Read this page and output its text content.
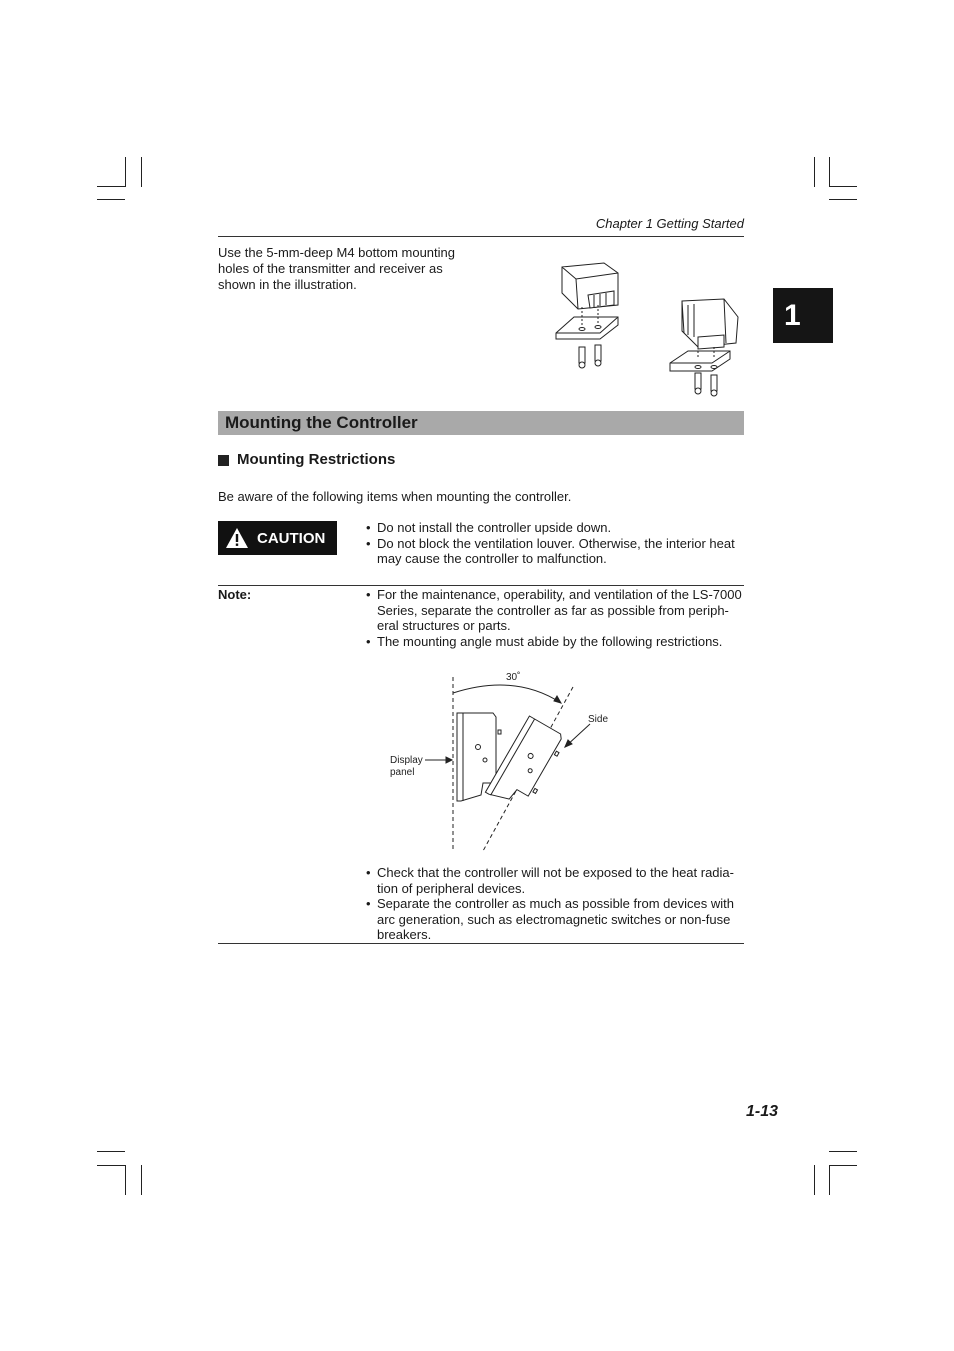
Chapter 1 Getting Started
1
Use the 5-mm-deep M4 bottom mounting holes of the transmitter and receiver as shown in the illustration.
Mounting the Controller
Mounting Restrictions
Be aware of the following items when mounting the controller.
CAUTION
• Do not install the controller upside down.
• Do not block the ventilation louver. Otherwise, the interior heat may cause the controller to malfunction.
Note:
•	For the maintenance, operability, and ventilation of the LS-7000 Series, separate the controller as far as possible from periph-eral structures or parts.
• The mounting angle must abide by the following restrictions.
30˚
Side
Display
panel
• Check that the controller will not be exposed to the heat radia-tion of peripheral devices.
• Separate the controller as much as possible from devices with arc generation, such as electromagnetic switches or non-fuse breakers.
1-13
